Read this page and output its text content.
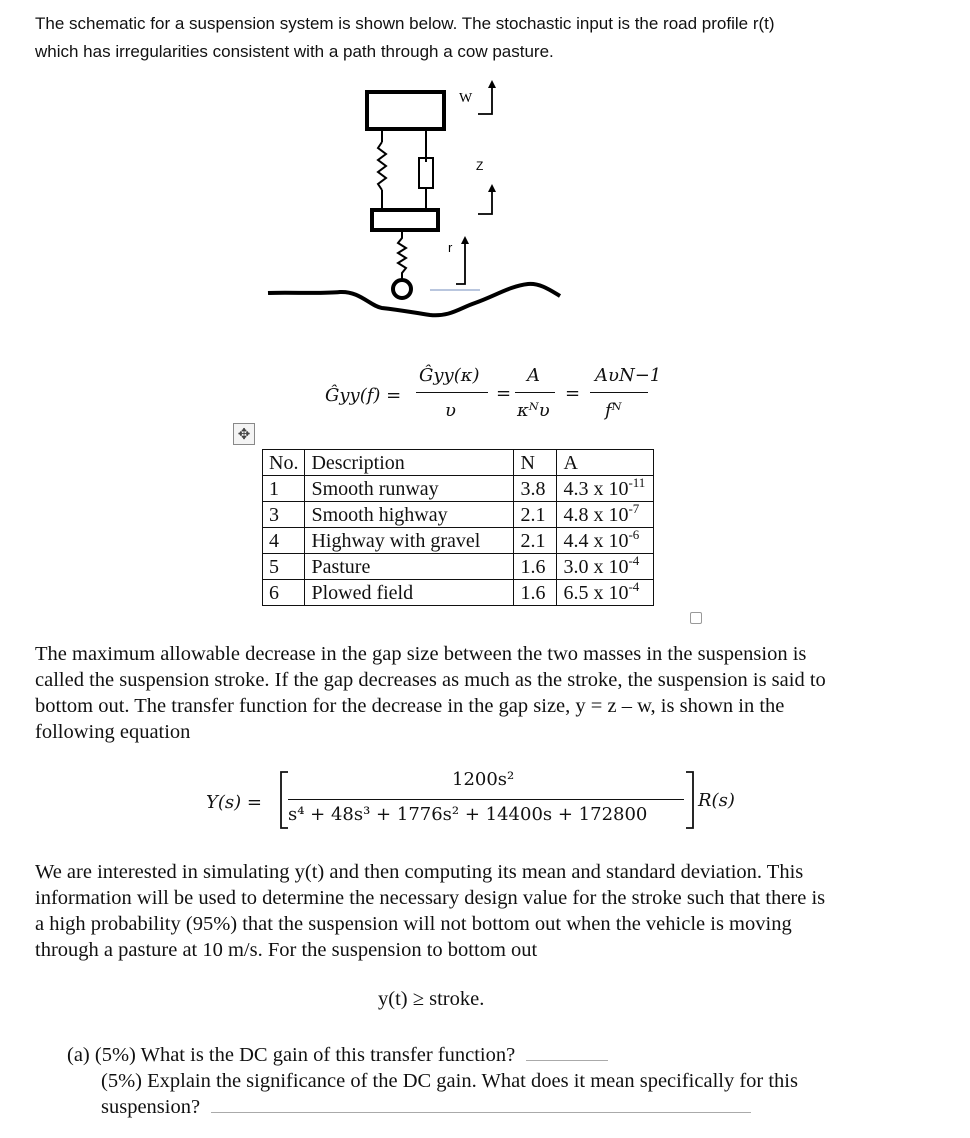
The schematic for a suspension system is shown below. The stochastic input is the road profile r(t)
which has irregularities consistent with a path through a cow pasture.
W
Z
r
Ĝyy(f) =
Ĝyy(κ)
υ
=
A
κᴺυ
=
AυN−1
fᴺ
✥
No.	Description	N	A
1	Smooth runway	3.8	4.3 x $10^{-11}$
3	Smooth highway	2.1	4.8 x $10^{-7}$
4	Highway with gravel	2.1	4.4 x $10^{-6}$
5	Pasture	1.6	3.0 x $10^{-4}$
6	Plowed field	1.6	6.5 x $10^{-4}$
The maximum allowable decrease in the gap size between the two masses in the suspension is
called the suspension stroke. If the gap decreases as much as the stroke, the suspension is said to
bottom out. The transfer function for the decrease in the gap size, y = z – w, is shown in the
following equation
Y(s) =
1200s²
s⁴ + 48s³ + 1776s² + 14400s + 172800
R(s)
We are interested in simulating y(t) and then computing its mean and standard deviation. This
information will be used to determine the necessary design value for the stroke such that there is
a high probability (95%) that the suspension will not bottom out when the vehicle is moving
through a pasture at 10 m/s. For the suspension to bottom out
y(t) ≥ stroke.
(a) (5%) What is the DC gain of this transfer function?
(5%) Explain the significance of the DC gain. What does it mean specifically for this
suspension?
